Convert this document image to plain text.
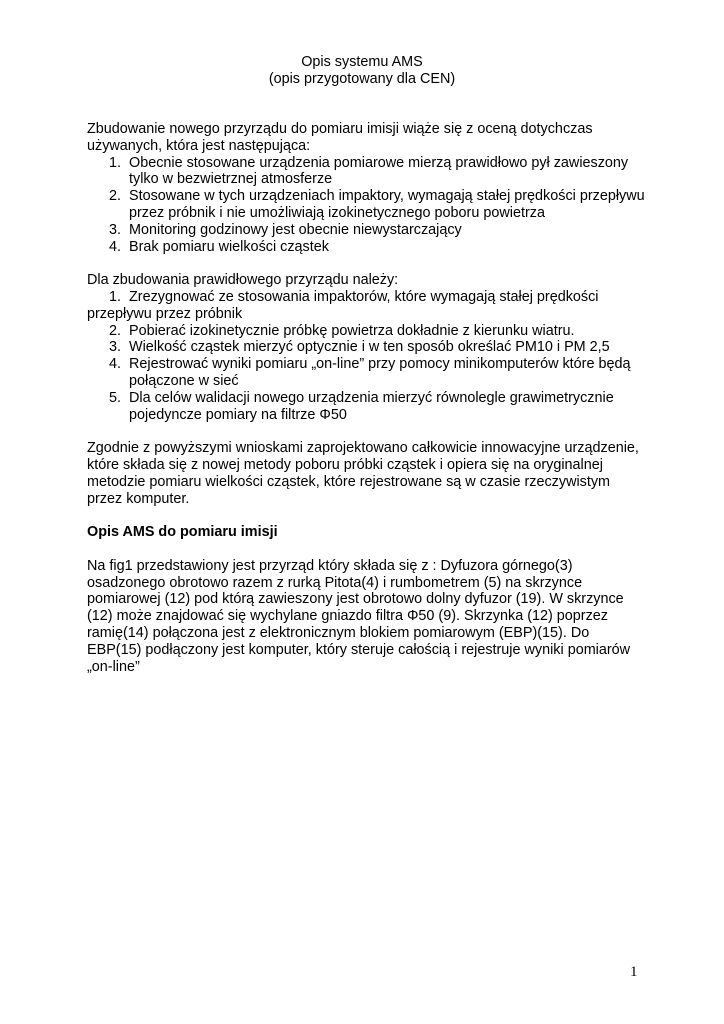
Opis systemu AMS
(opis przygotowany dla CEN)

Zbudowanie nowego przyrządu do pomiaru imisji wiąże się z oceną dotychczas używanych, która jest następująca:

1. Obecnie stosowane urządzenia pomiarowe mierzą prawidłowo pył zawieszony tylko w bezwietrznej atmosferze
2. Stosowane w tych urządzeniach impaktory, wymagają stałej prędkości przepływu przez próbnik i nie umożliwiają izokinetycznego poboru powietrza
3. Monitoring godzinowy jest obecnie niewystarczający
4. Brak pomiaru wielkości cząstek

Dla zbudowania prawidłowego przyrządu należy:

1. Zrezygnować ze stosowania impaktorów, które wymagają stałej prędkości przepływu przez próbnik
2. Pobierać izokinetycznie próbkę powietrza dokładnie z kierunku wiatru.
3. Wielkość cząstek mierzyć optycznie i w ten sposób określać PM10 i PM 2,5
4. Rejestrować wyniki pomiaru „on-line” przy pomocy minikomputerów które będą połączone w sieć
5. Dla celów walidacji nowego urządzenia mierzyć równolegle grawimetrycznie pojedyncze pomiary na filtrze Φ50

Zgodnie z powyższymi wnioskami zaprojektowano całkowicie innowacyjne urządzenie, które składa się z nowej metody poboru próbki cząstek i opiera się na oryginalnej metodzie pomiaru wielkości cząstek, które rejestrowane są w czasie rzeczywistym przez komputer.

Opis AMS do pomiaru imisji

Na fig1 przedstawiony jest przyrząd który składa się z : Dyfuzora górnego(3) osadzonego obrotowo razem z rurką Pitota(4) i rumbometrem (5) na skrzynce pomiarowej (12) pod którą zawieszony jest obrotowo dolny dyfuzor (19). W skrzynce (12) może znajdować się wychylane gniazdo filtra Φ50 (9). Skrzynka (12) poprzez ramię(14) połączona jest z elektronicznym blokiem pomiarowym (EBP)(15). Do EBP(15) podłączony jest komputer, który steruje całością i rejestruje wyniki pomiarów „on-line”

1
